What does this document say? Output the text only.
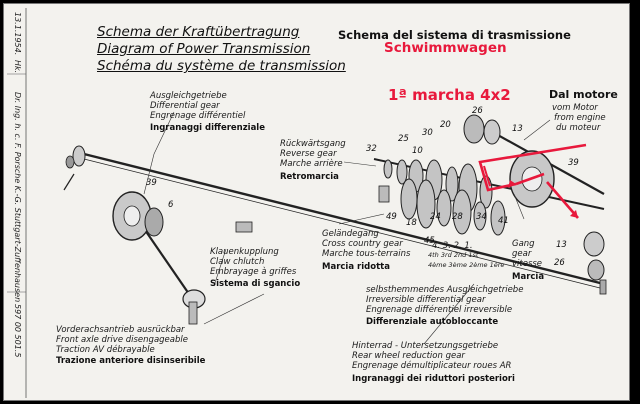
13.1.1954.
Hk.
Dr. Ing. h. c. F. Porsche K.-G. Stuttgart-Zuffenhausen
597 00 501.5
Schema der Kraftübertragung
Diagram of Power Transmission
Schéma du système de transmission
Schema del sistema di trasmissione
Schwimmwagen
1ª marcha 4x2	Dal motore
vom Motor
from engine
du moteur
Ausgleichgetriebe
Differential gear
Engrenage différentiel
Ingranaggi differenziale
Rückwärtsgang
Reverse gear
Marche arrière
Retromarcia
Klauenkupplung
Claw chlutch
Embrayage à griffes
Sistema di sgancio
Geländegang
Cross country gear
Marche tous-terrains
Marcia ridotta
4. 3. 2. 1.
4th 3rd 2nd 1st
4ème 3ème 2ème 1ère
Gang
gear
vitesse
Marcia
selbsthemmendes Ausgleichgetriebe
Irreversible differential gear
Engrenage différentiel irreversible
Differenziale autobloccante
Vorderachsantrieb ausrückbar
Front axle drive disengageable
Traction AV débrayable
Trazione anteriore disinseribile
Hinterrad - Untersetzungsgetriebe
Rear wheel reduction gear
Engrenage démultiplicateur roues AR
Ingranaggi dei riduttori posteriori
39
6
32
25
10
30
20
26
13
39
49
18
24 28 34 41
45	13
26
